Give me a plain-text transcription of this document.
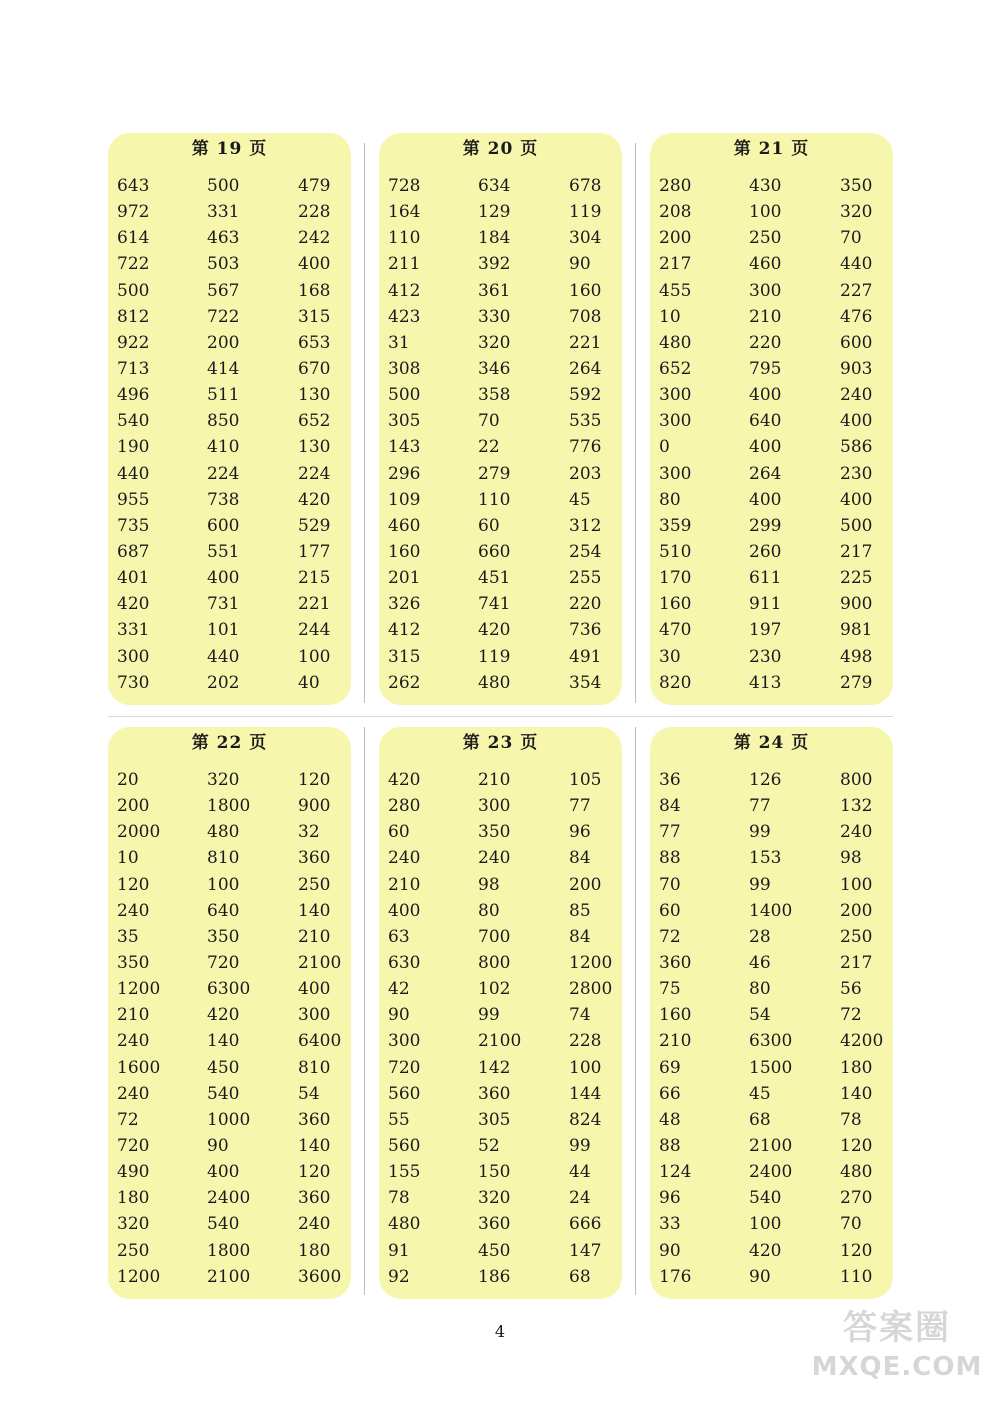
第 19 页
643	500	479
972	331	228
614	463	242
722	503	400
500	567	168
812	722	315
922	200	653
713	414	670
496	511	130
540	850	652
190	410	130
440	224	224
955	738	420
735	600	529
687	551	177
401	400	215
420	731	221
331	101	244
300	440	100
730	202	40
第 20 页
728	634	678
164	129	119
110	184	304
211	392	90
412	361	160
423	330	708
31	320	221
308	346	264
500	358	592
305	70	535
143	22	776
296	279	203
109	110	45
460	60	312
160	660	254
201	451	255
326	741	220
412	420	736
315	119	491
262	480	354
第 21 页
280	430	350
208	100	320
200	250	70
217	460	440
455	300	227
10	210	476
480	220	600
652	795	903
300	400	240
300	640	400
0	400	586
300	264	230
80	400	400
359	299	500
510	260	217
170	611	225
160	911	900
470	197	981
30	230	498
820	413	279
第 22 页
20	320	120
200	1800	900
2000	480	32
10	810	360
120	100	250
240	640	140
35	350	210
350	720	2100
1200	6300	400
210	420	300
240	140	6400
1600	450	810
240	540	54
72	1000	360
720	90	140
490	400	120
180	2400	360
320	540	240
250	1800	180
1200	2100	3600
第 23 页
420	210	105
280	300	77
60	350	96
240	240	84
210	98	200
400	80	85
63	700	84
630	800	1200
42	102	2800
90	99	74
300	2100	228
720	142	100
560	360	144
55	305	824
560	52	99
155	150	44
78	320	24
480	360	666
91	450	147
92	186	68
第 24 页
36	126	800
84	77	132
77	99	240
88	153	98
70	99	100
60	1400	200
72	28	250
360	46	217
75	80	56
160	54	72
210	6300	4200
69	1500	180
66	45	140
48	68	78
88	2100	120
124	2400	480
96	540	270
33	100	70
90	420	120
176	90	110
4	答案圈
MXQE.COM
